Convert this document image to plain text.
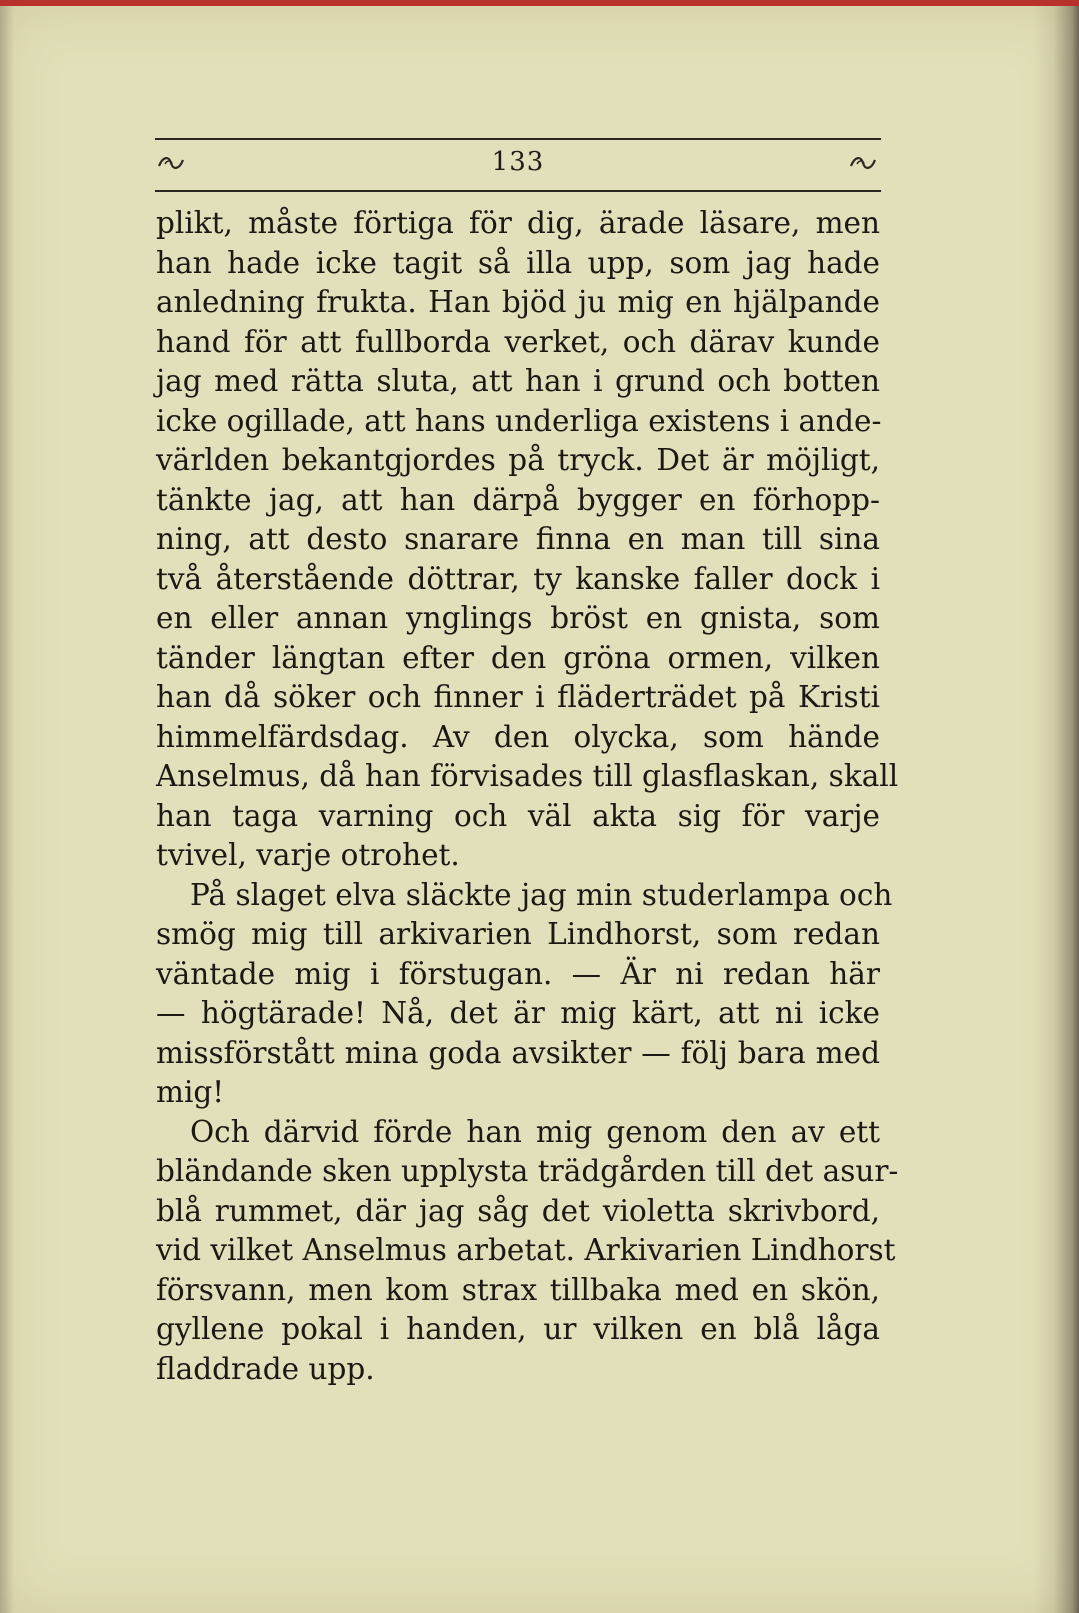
133
plikt, måste förtiga för dig, ärade läsare, men
han hade icke tagit så illa upp, som jag hade
anledning frukta. Han bjöd ju mig en hjälpande
hand för att fullborda verket, och därav kunde
jag med rätta sluta, att han i grund och botten
icke ogillade, att hans underliga existens i ande-
världen bekantgjordes på tryck. Det är möjligt,
tänkte jag, att han därpå bygger en förhopp-
ning, att desto snarare finna en man till sina
två återstående döttrar, ty kanske faller dock i
en eller annan ynglings bröst en gnista, som
tänder längtan efter den gröna ormen, vilken
han då söker och finner i fläderträdet på Kristi
himmelfärdsdag. Av den olycka, som hände
Anselmus, då han förvisades till glasflaskan, skall
han taga varning och väl akta sig för varje
tvivel, varje otrohet.
På slaget elva släckte jag min studerlampa och
smög mig till arkivarien Lindhorst, som redan
väntade mig i förstugan. — Är ni redan här
— högtärade! Nå, det är mig kärt, att ni icke
missförstått mina goda avsikter — följ bara med
mig!
Och därvid förde han mig genom den av ett
bländande sken upplysta trädgården till det asur-
blå rummet, där jag såg det violetta skrivbord,
vid vilket Anselmus arbetat. Arkivarien Lindhorst
försvann, men kom strax tillbaka med en skön,
gyllene pokal i handen, ur vilken en blå låga
fladdrade upp.
